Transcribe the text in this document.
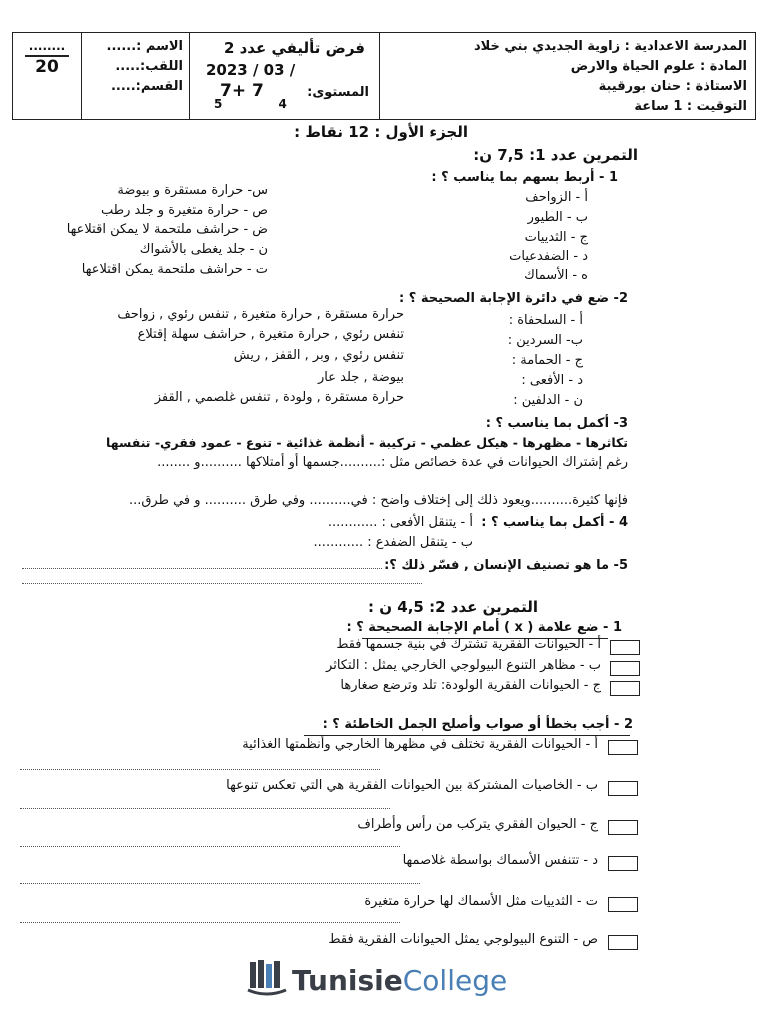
........
20
الاسم :......
اللقب:.....
القسم:.....
فرض تأليفي عدد 2
2023 / 03 /
المستوى:
7+ 7
5 4
المدرسة الاعدادية : زاوية الجديدي بني خلاد
المادة : علوم الحياة والارض
الاستاذة : حنان بورقيبة
التوقيت : 1 ساعة
الجزء الأول : 12 نقاط :
التمرين عدد 1: 7,5 ن:
1 - أربط بسهم بما يناسب ؟ :
أ - الزواحف
ب - الطيور
ج - الثدييات
د - الضفدعيات
ه - الأسماك
س- حرارة مستقرة و بيوضة
ص - حرارة متغيرة و جلد رطب
ض - حراشف ملتحمة لا يمكن اقتلاعها
ن - جلد يغطى بالأشواك
ت - حراشف ملتحمة يمكن اقتلاعها
2- ضع في دائرة الإجابة الصحيحة ؟ :
أ - السلحفاة :
ب- السردين :
ج - الحمامة :
د - الأفعى :
ن - الدلفين :
حرارة مستقرة , حرارة متغيرة , تنفس رئوي , زواحف
تنفس رئوي , حرارة متغيرة , حراشف سهلة إقتلاع
تنفس رئوي , وبر , القفز , ريش
بيوضة , جلد عار
حرارة مستقرة , ولودة , تنفس غلصمي , القفز
3- أكمل بما يناسب ؟ :
تكاثرها - مظهرها - هيكل عظمي - تركيبة - أنظمة غذائية - تنوع - عمود فقري- تنفسها
رغم إشتراك الحيوانات في عدة خصائص مثل :..........جسمها أو أمتلاكها ..........و ........
فإنها كثيرة..........ويعود ذلك إلى إختلاف واضح : في.......... وفي طرق .......... و في طرق...
4 - أكمل بما يناسب ؟ :
أ - يتنقل الأفعى : ............
ب - يتنقل الضفدع : ............
5- ما هو تصنيف الإنسان , فسّر ذلك ؟:
التمرين عدد 2: 4,5 ن :
1 - ضع علامة ( x ) أمام الإجابة الصحيحة ؟ :
أ - الحيوانات الفقرية تشترك في بنية جسمها فقط
ب - مظاهر التنوع البيولوجي الخارجي يمثل : التكاثر
ج - الحيوانات الفقرية الولودة: تلد وترضع صغارها
2 - أجب بخطأ أو صواب وأصلح الجمل الخاطئة ؟ :
أ - الحيوانات الفقرية تختلف في مظهرها الخارجي وأنظمتها الغذائية
ب - الخاصيات المشتركة بين الحيوانات الفقرية هي التي تعكس تنوعها
ج - الحيوان الفقري يتركب من رأس وأطراف
د - تتنفس الأسماك بواسطة غلاصمها
ت - الثدييات مثل الأسماك لها حرارة متغيرة
ص - التنوع البيولوجي يمثل الحيوانات الفقرية فقط
TunisieCollege
